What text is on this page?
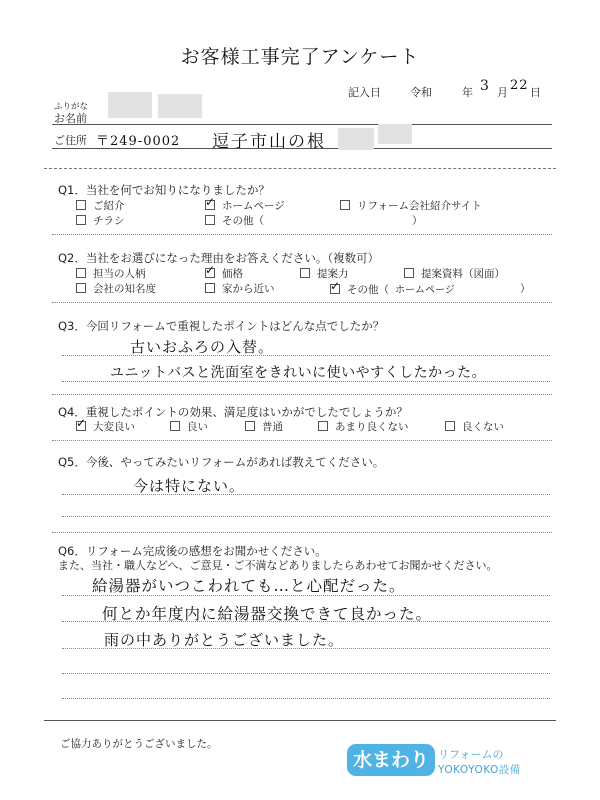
お客様工事完了アンケート
記入日	令和	年 3 月 22 日
ふりがな
お名前
ご住所 〒249-0002 逗子市山の根
Q1．当社を何でお知りになりましたか？
ご紹介 ✓	ホームページ	リフォーム会社紹介サイト
チラシ	その他（	）
Q2．当社をお選びになった理由をお答えください。（複数可）
担当の人柄 ✓	価格	提案力	提案資料（図面）
会社の知名度	家から近い ✓	その他（ ホームページ	）
Q3．今回リフォームで重視したポイントはどんな点でしたか？
古いおふろの入替。
ユニットバスと洗面室をきれいに使いやすくしたかった。
Q4．重視したポイントの効果、満足度はいかがでしたでしょうか？
✓大変良い	良い	普通	あまり良くない	良くない
Q5．今後、やってみたいリフォームがあれば教えてください。
今は特にない。
Q6．リフォーム完成後の感想をお聞かせください。
また、当社・職人などへ、ご意見・ご不満などありましたらあわせてお聞かせください。
給湯器がいつこわれても…と心配だった。
何とか年度内に給湯器交換できて良かった。
雨の中ありがとうございました。
ご協力ありがとうございました。
水まわり リフォームの
YOKOYOKO設備
